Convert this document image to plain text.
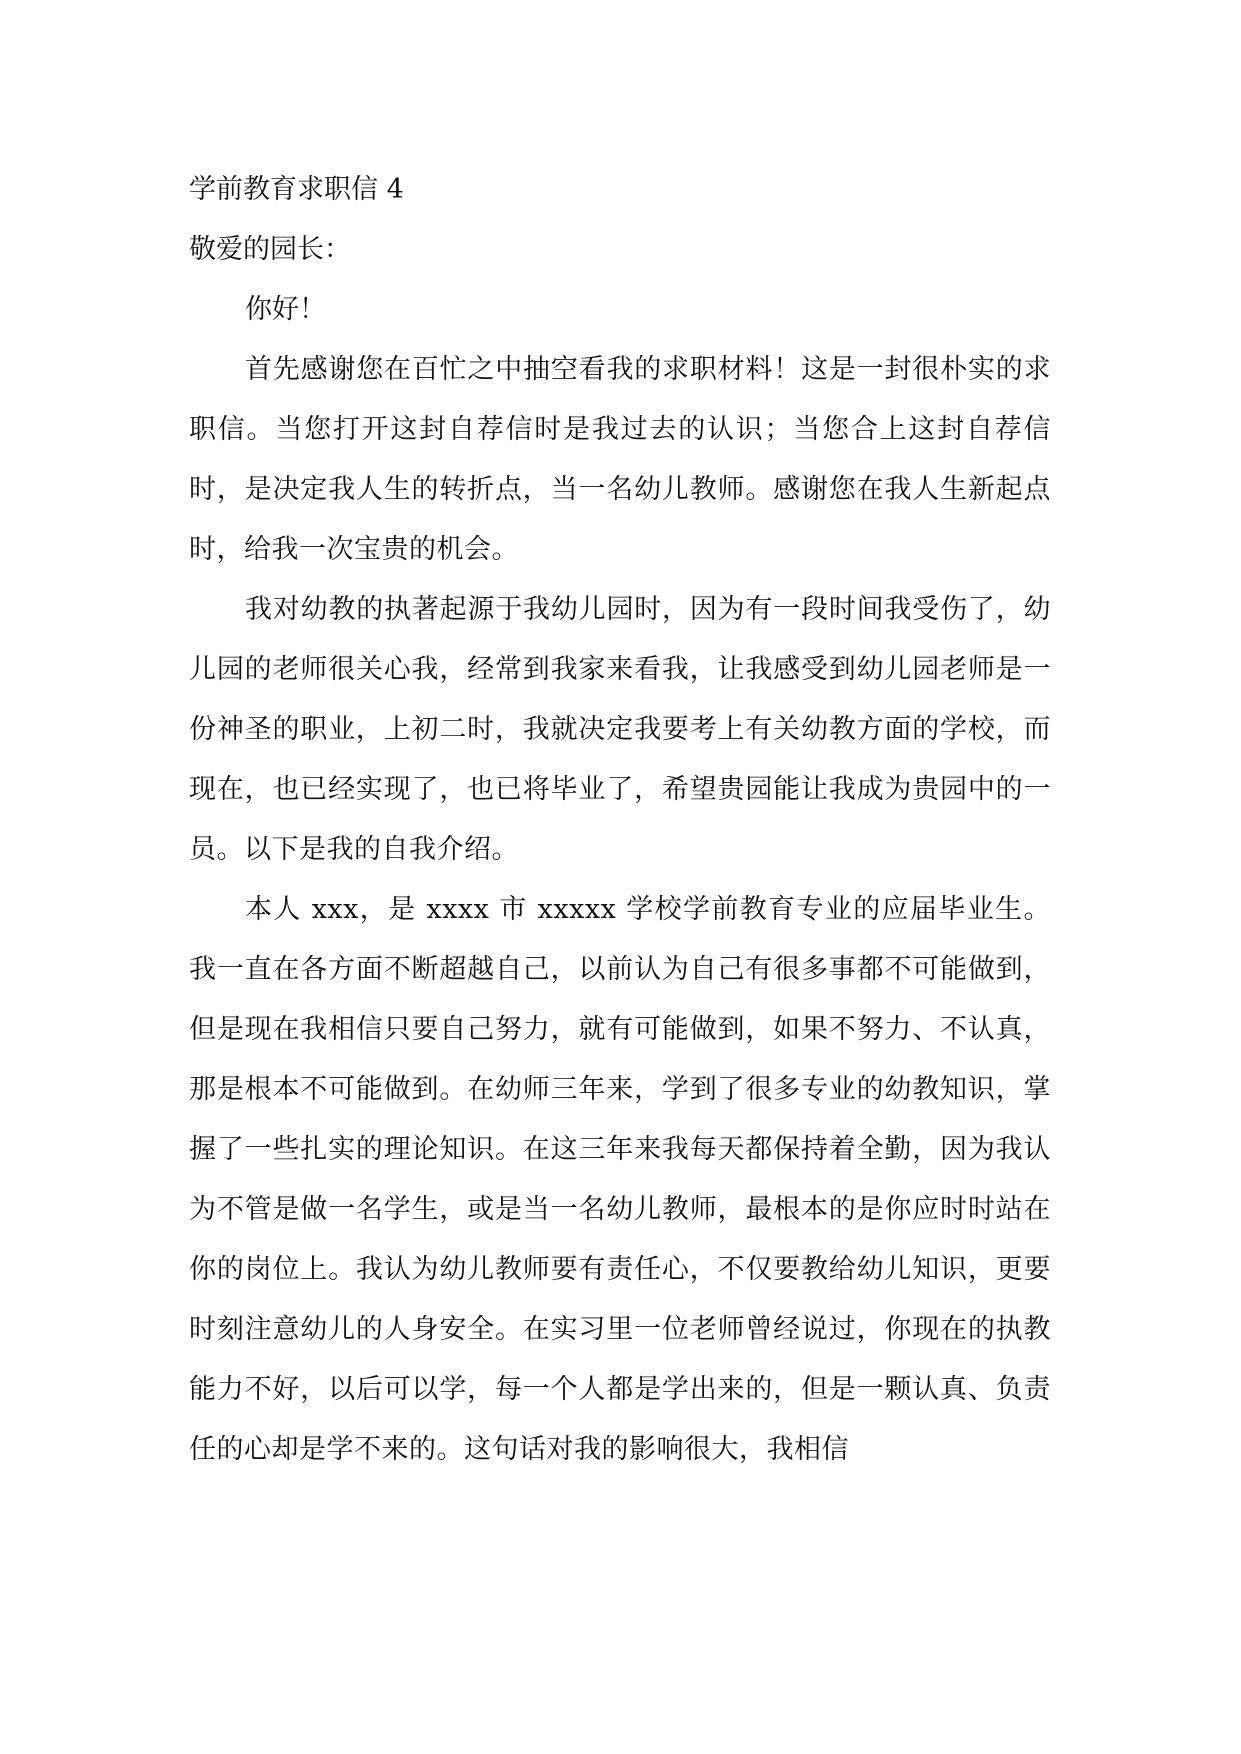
学前教育求职信 4

敬爱的园长：

你好！

首先感谢您在百忙之中抽空看我的求职材料！这是一封很朴实的求职信。当您打开这封自荐信时是我过去的认识；当您合上这封自荐信时，是决定我人生的转折点，当一名幼儿教师。感谢您在我人生新起点时，给我一次宝贵的机会。

我对幼教的执著起源于我幼儿园时，因为有一段时间我受伤了，幼儿园的老师很关心我，经常到我家来看我，让我感受到幼儿园老师是一份神圣的职业，上初二时，我就决定我要考上有关幼教方面的学校，而现在，也已经实现了，也已将毕业了，希望贵园能让我成为贵园中的一员。以下是我的自我介绍。

本人 xxx，是 xxxx 市 xxxxx 学校学前教育专业的应届毕业生。我一直在各方面不断超越自己，以前认为自己有很多事都不可能做到，但是现在我相信只要自己努力，就有可能做到，如果不努力、不认真，那是根本不可能做到。在幼师三年来，学到了很多专业的幼教知识，掌握了一些扎实的理论知识。在这三年来我每天都保持着全勤，因为我认为不管是做一名学生，或是当一名幼儿教师，最根本的是你应时时站在你的岗位上。我认为幼儿教师要有责任心，不仅要教给幼儿知识，更要时刻注意幼儿的人身安全。在实习里一位老师曾经说过，你现在的执教能力不好，以后可以学，每一个人都是学出来的，但是一颗认真、负责任的心却是学不来的。这句话对我的影响很大，我相信
